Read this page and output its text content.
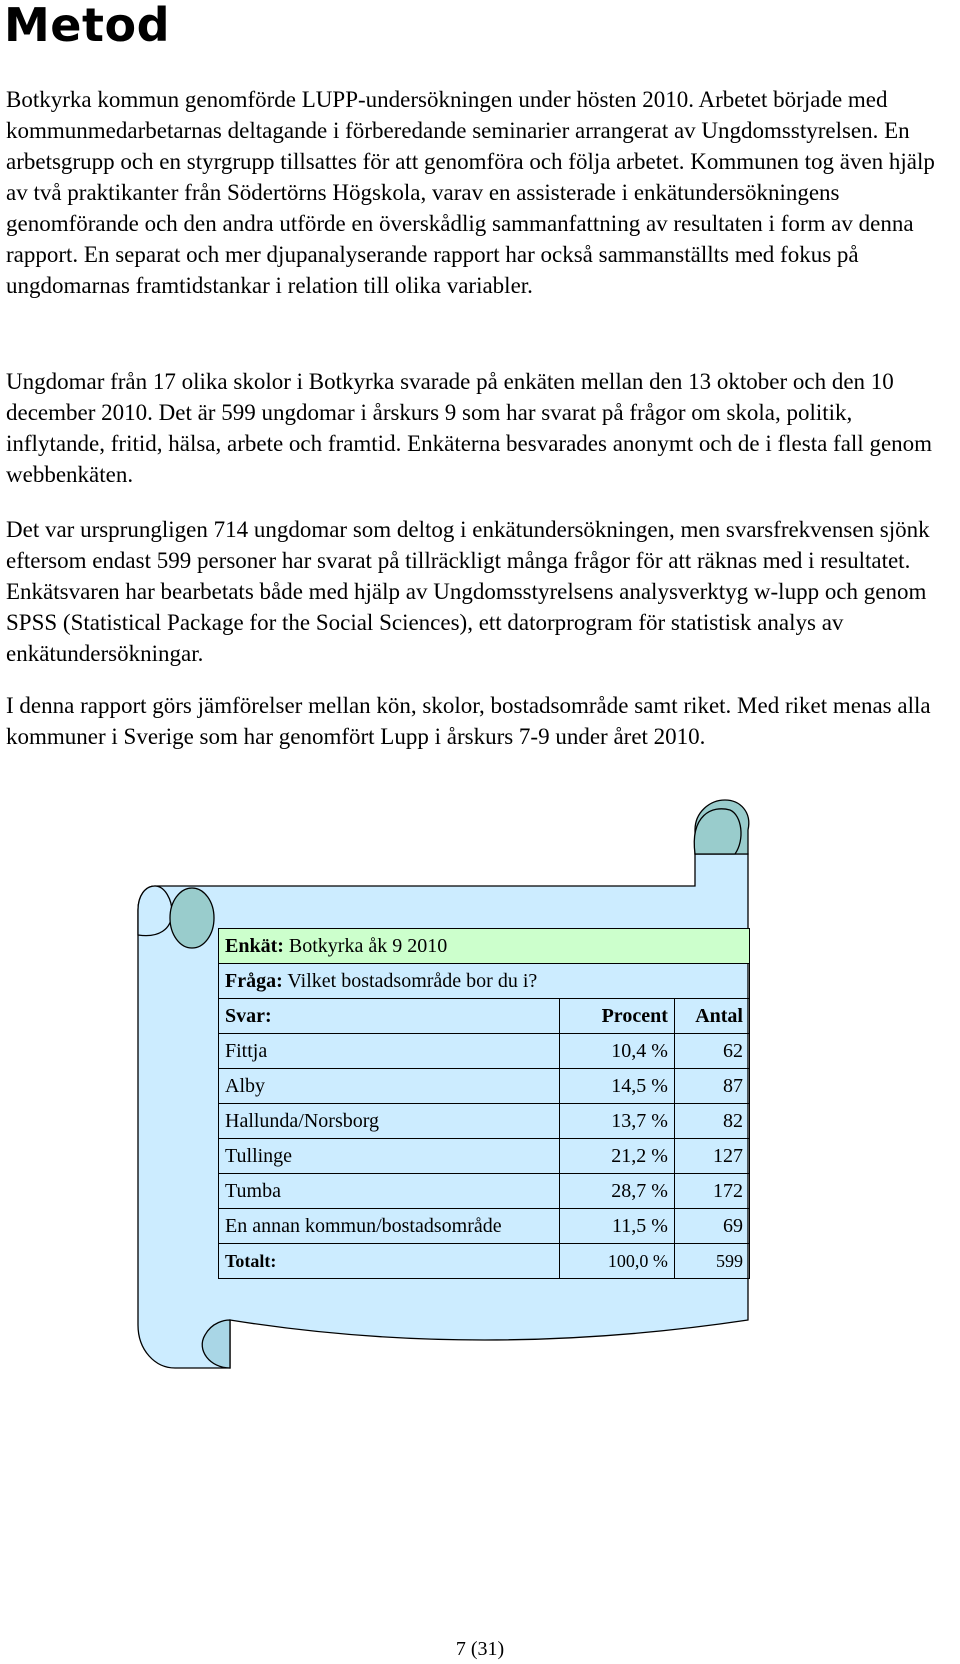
Metod

Botkyrka kommun genomförde LUPP-undersökningen under hösten 2010. Arbetet började med kommunmedarbetarnas deltagande i förberedande seminarier arrangerat av Ungdomsstyrelsen. En arbetsgrupp och en styrgrupp tillsattes för att genomföra och följa arbetet. Kommunen tog även hjälp av två praktikanter från Södertörns Högskola, varav en assisterade i enkätundersökningens genomförande och den andra utförde en överskådlig sammanfattning av resultaten i form av denna rapport. En separat och mer djupanalyserande rapport har också sammanställts med fokus på ungdomarnas framtidstankar i relation till olika variabler.

Ungdomar från 17 olika skolor i Botkyrka svarade på enkäten mellan den 13 oktober och den 10 december 2010. Det är 599 ungdomar i årskurs 9 som har svarat på frågor om skola, politik, inflytande, fritid, hälsa, arbete och framtid. Enkäterna besvarades anonymt och de i flesta fall genom webbenkäten.

Det var ursprungligen 714 ungdomar som deltog i enkätundersökningen, men svarsfrekvensen sjönk eftersom endast 599 personer har svarat på tillräckligt många frågor för att räknas med i resultatet. Enkätsvaren har bearbetats både med hjälp av Ungdomsstyrelsens analysverktyg w-lupp och genom SPSS (Statistical Package for the Social Sciences), ett datorprogram för statistisk analys av enkätundersökningar.

I denna rapport görs jämförelser mellan kön, skolor, bostadsområde samt riket. Med riket menas alla kommuner i Sverige som har genomfört Lupp i årskurs 7-9 under året 2010.

Enkät: Botkyrka åk 9 2010		
Fråga: Vilket bostadsområde bor du i?		
Svar:	Procent	Antal
Fittja	10,4 %	62
Alby	14,5 %	87
Hallunda/Norsborg	13,7 %	82
Tullinge	21,2 %	127
Tumba	28,7 %	172
En annan kommun/bostadsområde	11,5 %	69
Totalt:	100,0 %	599
7 (31)
